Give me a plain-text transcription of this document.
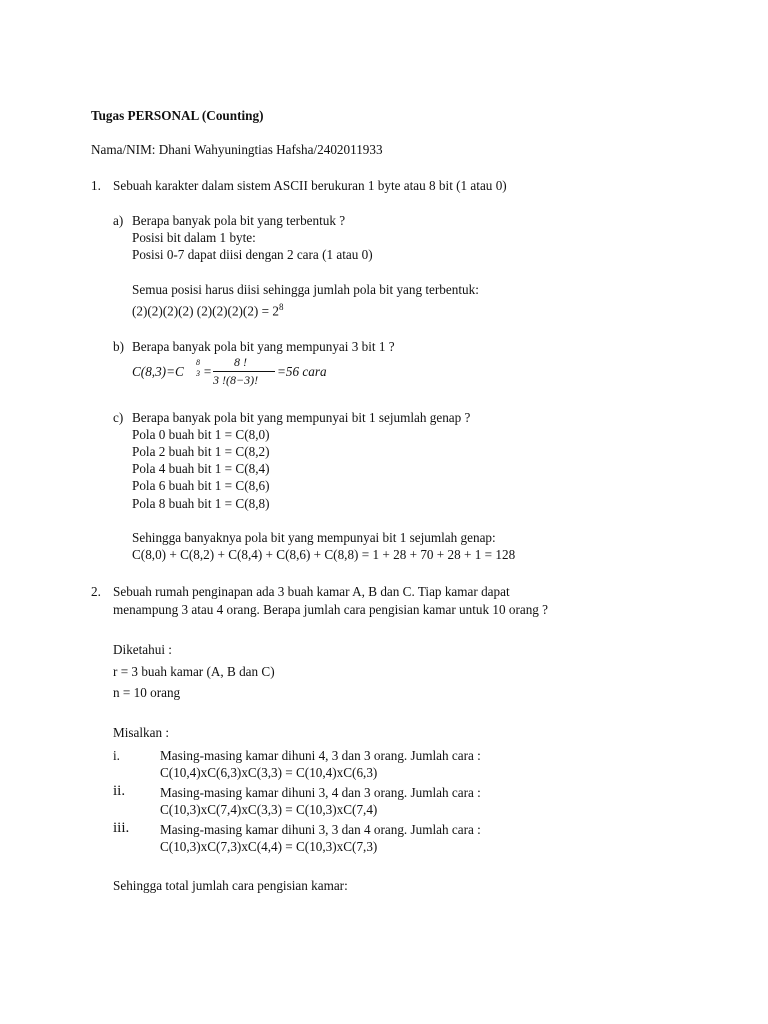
Tugas PERSONAL (Counting)
Nama/NIM: Dhani Wahyuningtias Hafsha/2402011933
1. Sebuah karakter dalam sistem ASCII berukuran 1 byte atau 8 bit (1 atau 0)
a) Berapa banyak pola bit yang terbentuk ?
Posisi bit dalam 1 byte:
Posisi 0-7 dapat diisi dengan 2 cara (1 atau 0)
Semua posisi harus diisi sehingga jumlah pola bit yang terbentuk:
(2)(2)(2)(2) $(2)(2)(2)(2) = 2^8$
b) Berapa banyak pola bit yang mempunyai 3 bit 1 ?
C(8,3)=C
8
3 =
8 !
3 !(8−3)!
=56 cara
c) Berapa banyak pola bit yang mempunyai bit 1 sejumlah genap ?
Pola 0 buah bit 1 = C(8,0)
Pola 2 buah bit 1 = C(8,2)
Pola 4 buah bit 1 = C(8,4)
Pola 6 buah bit 1 = C(8,6)
Pola 8 buah bit 1 = C(8,8)
Sehingga banyaknya pola bit yang mempunyai bit 1 sejumlah genap:
C(8,0) + C(8,2) + C(8,4) + C(8,6) + C(8,8) = 1 + 28 + 70 + 28 + 1 = 128
2. Sebuah rumah penginapan ada 3 buah kamar A, B dan C. Tiap kamar dapat
menampung 3 atau 4 orang. Berapa jumlah cara pengisian kamar untuk 10 orang ?
Diketahui :
r = 3 buah kamar (A, B dan C)
n = 10 orang
Misalkan :
i.	Masing-masing kamar dihuni 4, 3 dan 3 orang. Jumlah cara :
C(10,4)xC(6,3)xC(3,3) = C(10,4)xC(6,3)
ii.	Masing-masing kamar dihuni 3, 4 dan 3 orang. Jumlah cara :
C(10,3)xC(7,4)xC(3,3) = C(10,3)xC(7,4)
iii. Masing-masing kamar dihuni 3, 3 dan 4 orang. Jumlah cara :
C(10,3)xC(7,3)xC(4,4) = C(10,3)xC(7,3)
Sehingga total jumlah cara pengisian kamar:
